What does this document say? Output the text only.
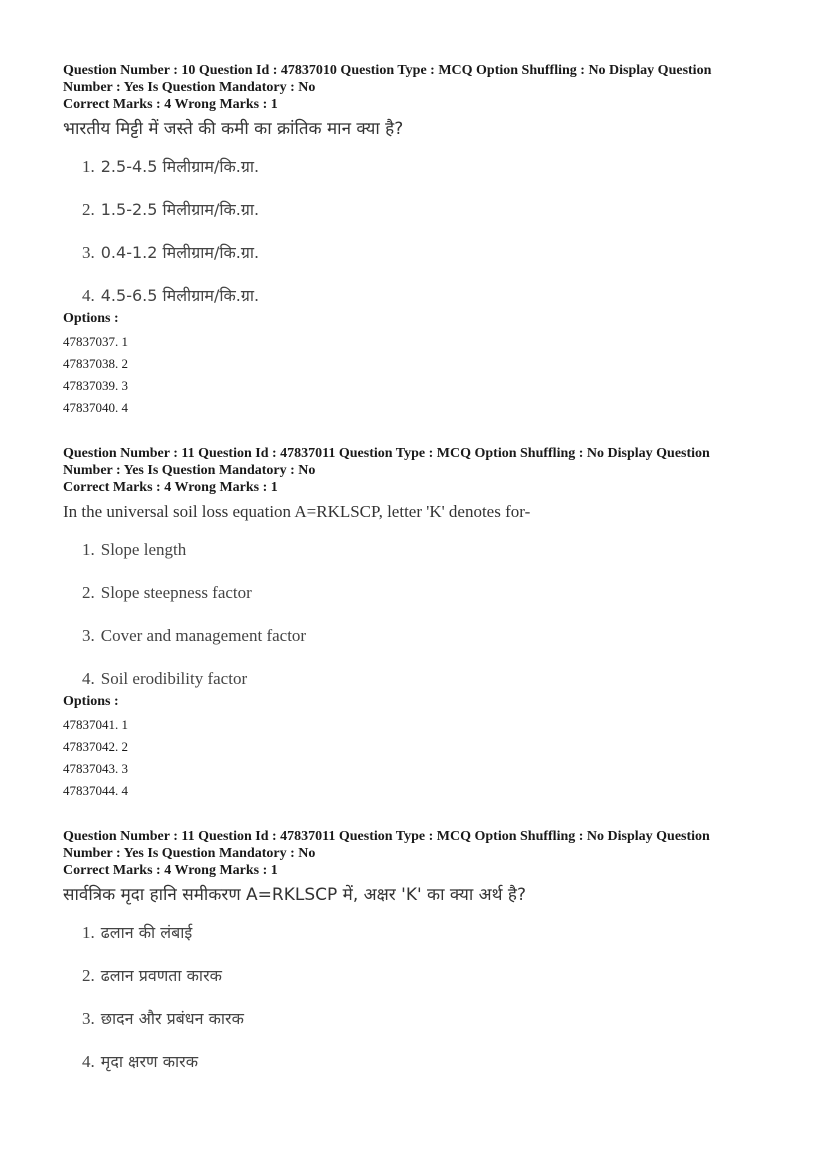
Question Number : 10 Question Id : 47837010 Question Type : MCQ Option Shuffling : No Display Question
Number : Yes Is Question Mandatory : No
Correct Marks : 4 Wrong Marks : 1

भारतीय मिट्टी में जस्ते की कमी का क्रांतिक मान क्या है?

1. 2.5-4.5 मिलीग्राम/कि.ग्रा.
2. 1.5-2.5 मिलीग्राम/कि.ग्रा.
3. 0.4-1.2 मिलीग्राम/कि.ग्रा.
4. 4.5-6.5 मिलीग्राम/कि.ग्रा.
Options :
47837037. 1
47837038. 2
47837039. 3
47837040. 4

Question Number : 11 Question Id : 47837011 Question Type : MCQ Option Shuffling : No Display Question
Number : Yes Is Question Mandatory : No
Correct Marks : 4 Wrong Marks : 1

In the universal soil loss equation A=RKLSCP, letter 'K' denotes for-

1. Slope length
2. Slope steepness factor
3. Cover and management factor
4. Soil erodibility factor
Options :
47837041. 1
47837042. 2
47837043. 3
47837044. 4

Question Number : 11 Question Id : 47837011 Question Type : MCQ Option Shuffling : No Display Question
Number : Yes Is Question Mandatory : No
Correct Marks : 4 Wrong Marks : 1

सार्वत्रिक मृदा हानि समीकरण A=RKLSCP में, अक्षर 'K' का क्या अर्थ है?

1. ढलान की लंबाई
2. ढलान प्रवणता कारक
3. छादन और प्रबंधन कारक
4. मृदा क्षरण कारक
